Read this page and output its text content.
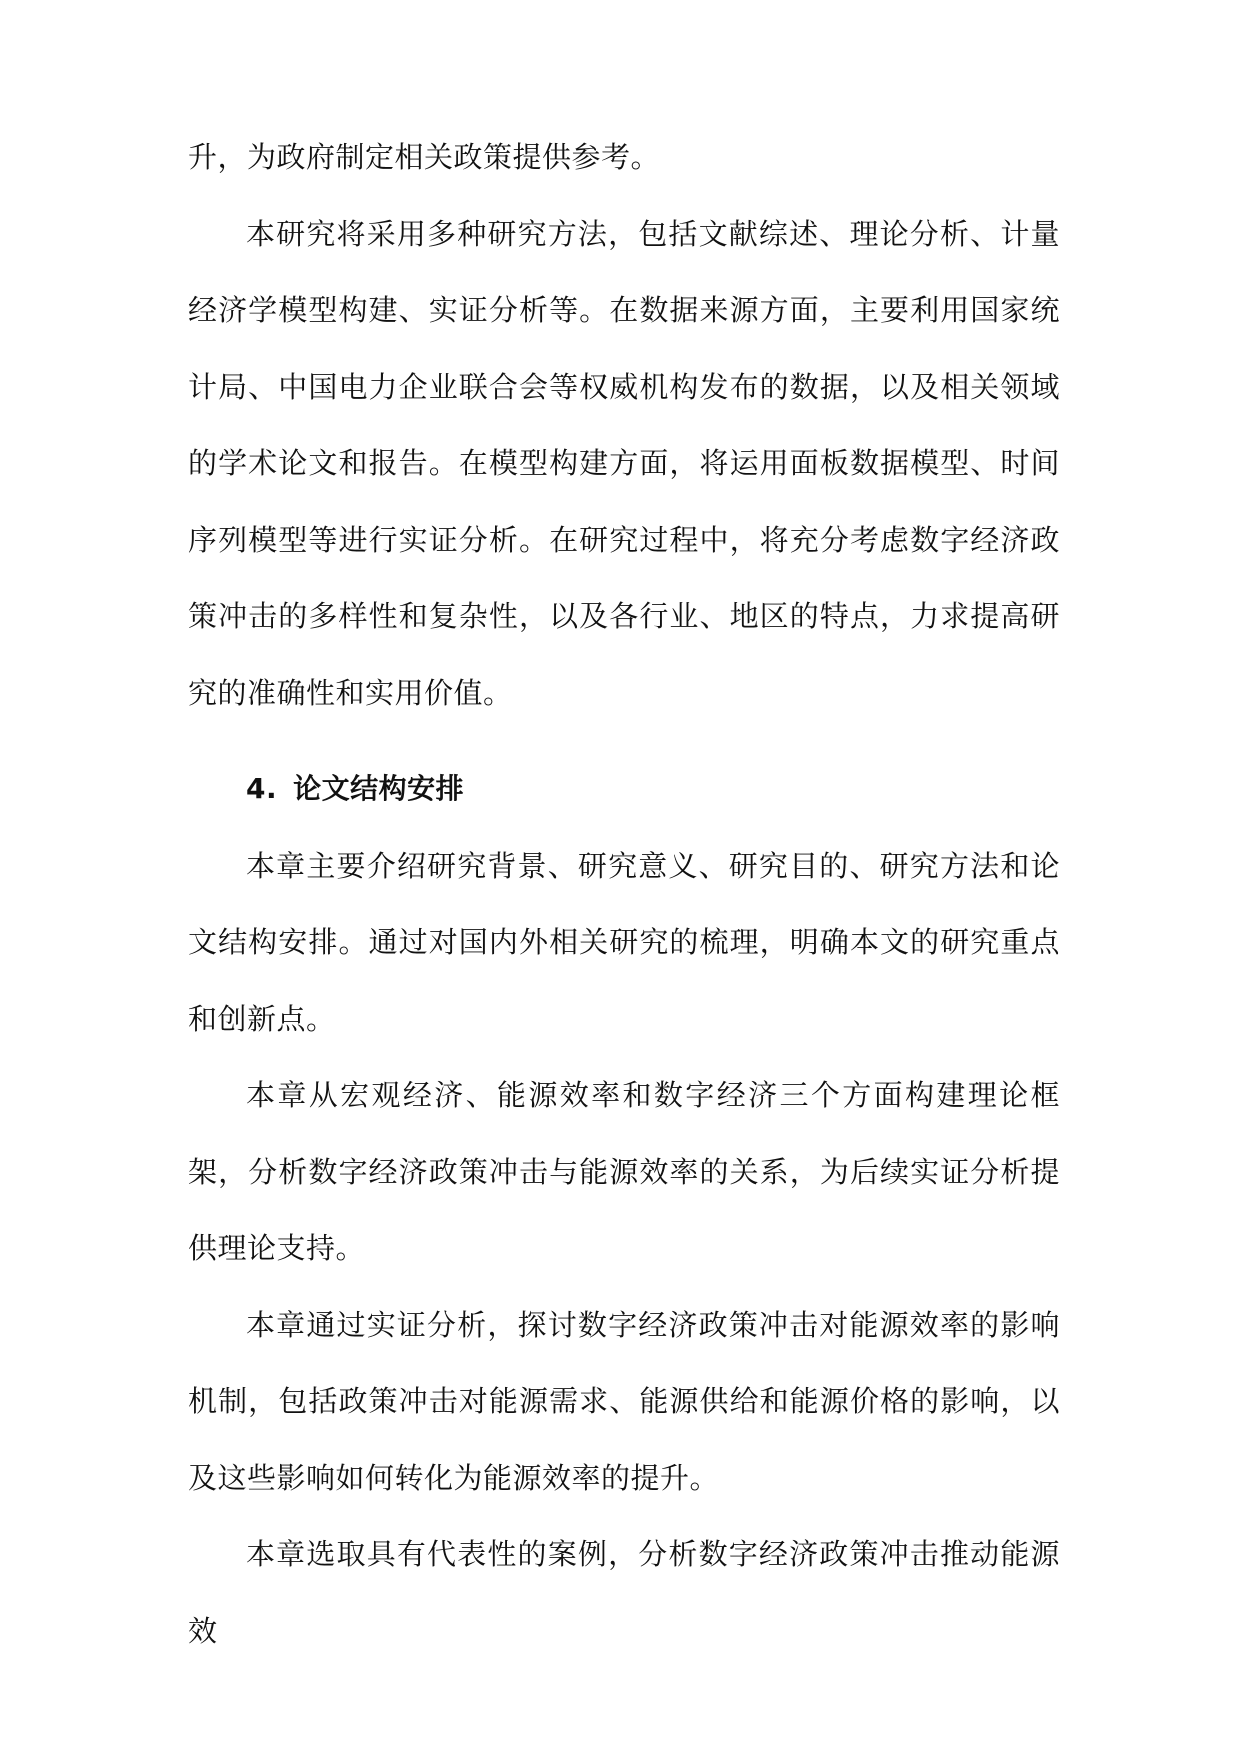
升，为政府制定相关政策提供参考。

本研究将采用多种研究方法，包括文献综述、理论分析、计量经济学模型构建、实证分析等。在数据来源方面，主要利用国家统计局、中国电力企业联合会等权威机构发布的数据，以及相关领域的学术论文和报告。在模型构建方面，将运用面板数据模型、时间序列模型等进行实证分析。在研究过程中，将充分考虑数字经济政策冲击的多样性和复杂性，以及各行业、地区的特点，力求提高研究的准确性和实用价值。

4. 论文结构安排

本章主要介绍研究背景、研究意义、研究目的、研究方法和论文结构安排。通过对国内外相关研究的梳理，明确本文的研究重点和创新点。

本章从宏观经济、能源效率和数字经济三个方面构建理论框架，分析数字经济政策冲击与能源效率的关系，为后续实证分析提供理论支持。

本章通过实证分析，探讨数字经济政策冲击对能源效率的影响机制，包括政策冲击对能源需求、能源供给和能源价格的影响，以及这些影响如何转化为能源效率的提升。

本章选取具有代表性的案例，分析数字经济政策冲击推动能源效
